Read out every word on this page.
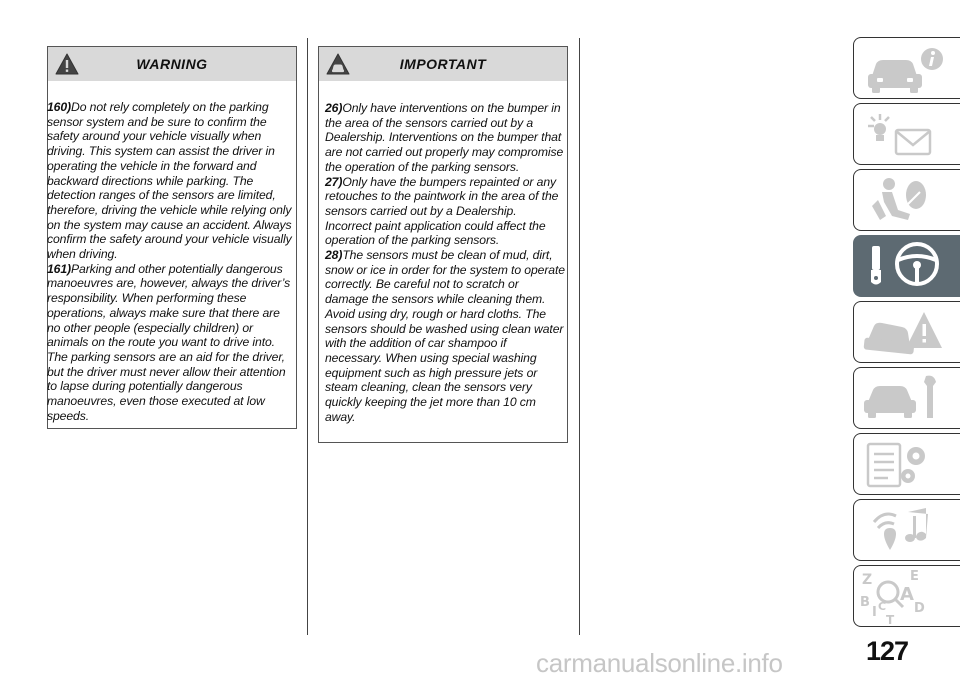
WARNING

160)Do not rely completely on the parking sensor system and be sure to confirm the safety around your vehicle visually when driving. This system can assist the driver in operating the vehicle in the forward and backward directions while parking. The detection ranges of the sensors are limited, therefore, driving the vehicle while relying only on the system may cause an accident. Always confirm the safety around your vehicle visually when driving.

161)Parking and other potentially dangerous manoeuvres are, however, always the driver’s responsibility. When performing these operations, always make sure that there are no other people (especially children) or animals on the route you want to drive into. The parking sensors are an aid for the driver, but the driver must never allow their attention to lapse during potentially dangerous manoeuvres, even those executed at low speeds.

IMPORTANT

26)Only have interventions on the bumper in the area of the sensors carried out by a Dealership. Interventions on the bumper that are not carried out properly may compromise the operation of the parking sensors.

27)Only have the bumpers repainted or any retouches to the paintwork in the area of the sensors carried out by a Dealership. Incorrect paint application could affect the operation of the parking sensors.

28)The sensors must be clean of mud, dirt, snow or ice in order for the system to operate correctly. Be careful not to scratch or damage the sensors while cleaning them. Avoid using dry, rough or hard cloths. The sensors should be washed using clean water with the addition of car shampoo if necessary. When using special washing equipment such as high pressure jets or steam cleaning, clean the sensors very quickly keeping the jet more than 10 cm away.

Z	E
B A
I C D
T
127
carmanualsonline.info
